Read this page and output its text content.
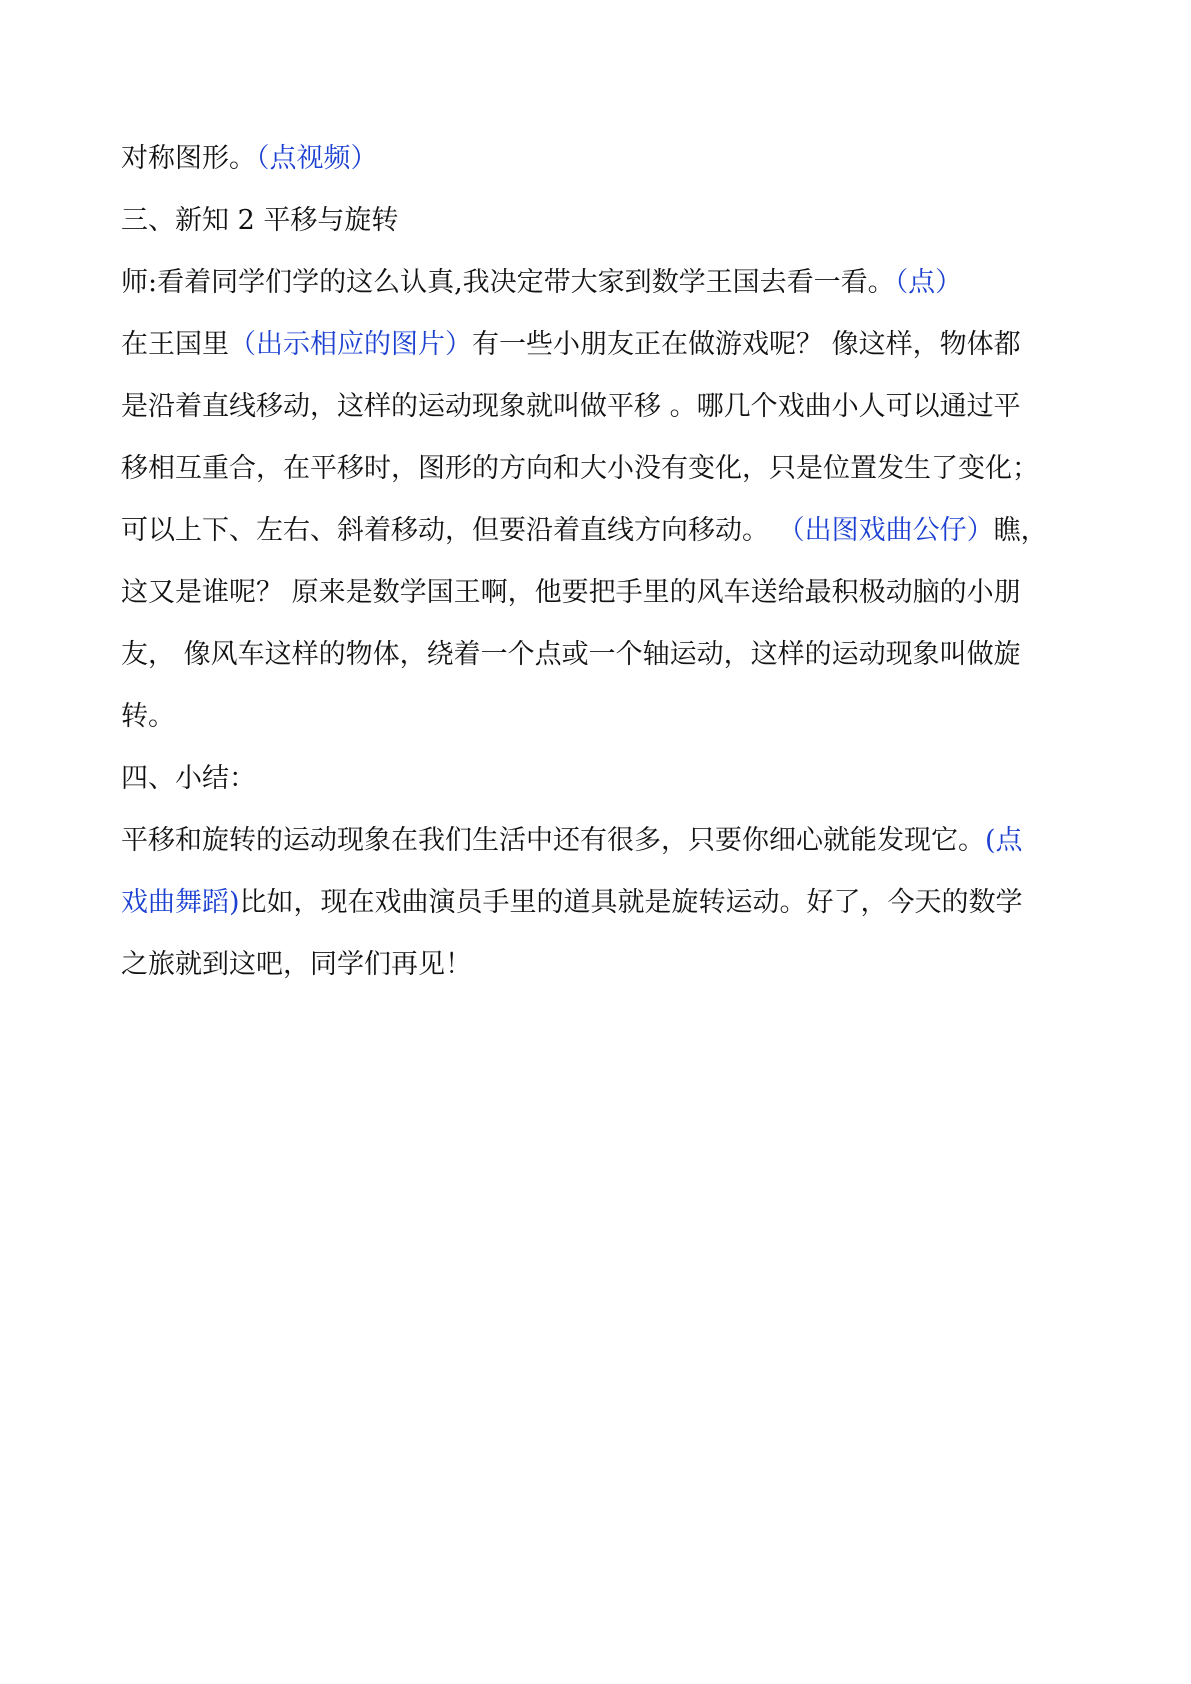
对称图形。（点视频）
三、新知 2 平移与旋转
师:看着同学们学的这么认真,我决定带大家到数学王国去看一看。（点）
在王国里（出示相应的图片）有一些小朋友正在做游戏呢？ 像这样，物体都
是沿着直线移动，这样的运动现象就叫做平移 。哪几个戏曲小人可以通过平
移相互重合，在平移时，图形的方向和大小没有变化，只是位置发生了变化；
可以上下、左右、斜着移动，但要沿着直线方向移动。 （出图戏曲公仔）瞧，
这又是谁呢？ 原来是数学国王啊，他要把手里的风车送给最积极动脑的小朋
友， 像风车这样的物体，绕着一个点或一个轴运动，这样的运动现象叫做旋
转。
四、小结：
平移和旋转的运动现象在我们生活中还有很多，只要你细心就能发现它。(点
戏曲舞蹈)比如，现在戏曲演员手里的道具就是旋转运动。好了，今天的数学
之旅就到这吧，同学们再见！
